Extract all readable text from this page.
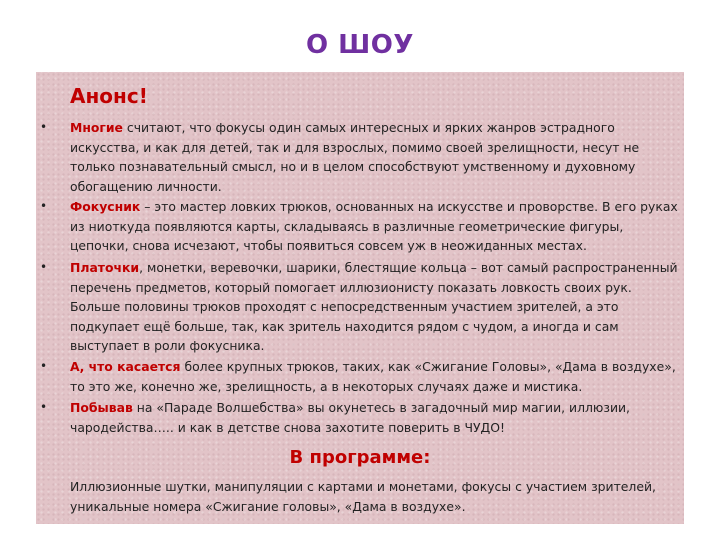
О ШОУ
Анонс!
• Многие считают, что фокусы один самых интересных и ярких жанров эстрадного искусства, и как для детей, так и для взрослых, помимо своей зрелищности, несут не только познавательный смысл, но и в целом способствуют умственному и духовному обогащению личности.
• Фокусник – это мастер ловких трюков, основанных на искусстве и проворстве. В его руках из ниоткуда появляются карты, складываясь в различные геометрические фигуры, цепочки, снова исчезают, чтобы появиться совсем уж в неожиданных местах.
• Платочки, монетки, веревочки, шарики, блестящие кольца – вот самый распространенный перечень предметов, который помогает иллюзионисту показать ловкость своих рук. Больше половины трюков проходят с непосредственным участием зрителей, а это подкупает ещё больше, так, как зритель находится рядом с чудом, а иногда и сам выступает в роли фокусника.
• А, что касается более крупных трюков, таких, как «Сжигание Головы», «Дама в воздухе», то это же, конечно же, зрелищность, а в некоторых случаях даже и мистика.
• Побывав на «Параде Волшебства» вы окунетесь в загадочный мир магии, иллюзии, чародейства….. и как в детстве снова захотите поверить в ЧУДО!
В программе:
Иллюзионные шутки, манипуляции с картами и монетами, фокусы с участием зрителей, уникальные номера «Сжигание головы», «Дама в воздухе».
